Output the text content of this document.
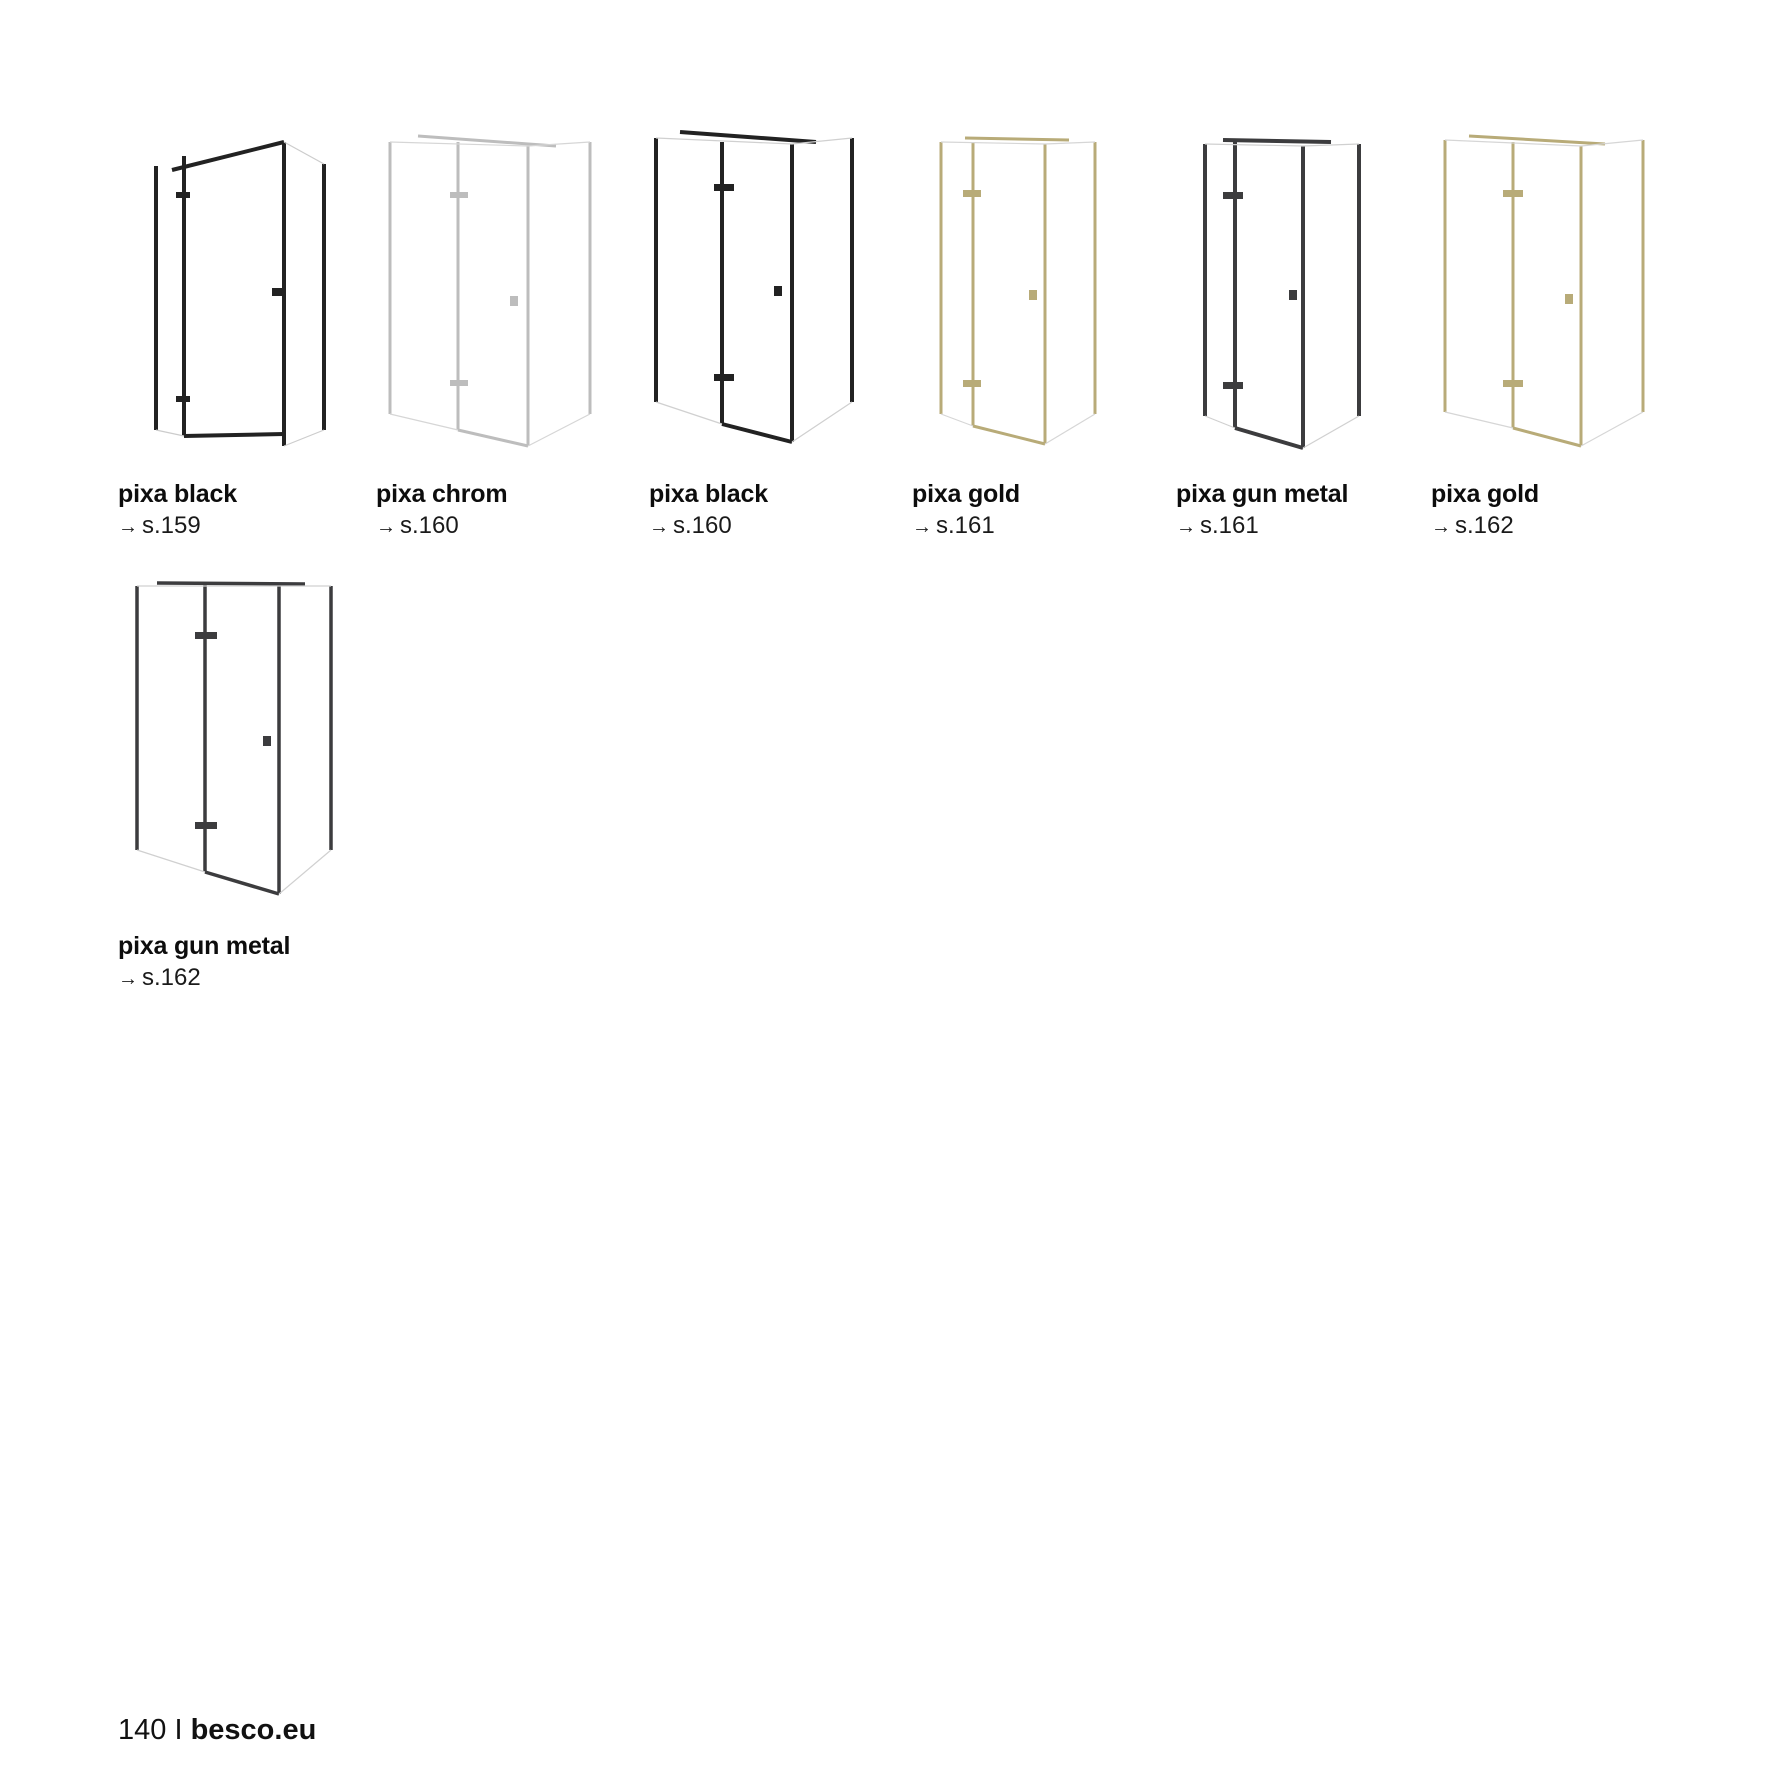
pixa black
→ s.159
pixa chrom
→ s.160
pixa black
→ s.160
pixa gold
→ s.161
pixa gun metal
→ s.161
pixa gold
→ s.162
pixa gun metal
→ s.162
140 I besco.eu
